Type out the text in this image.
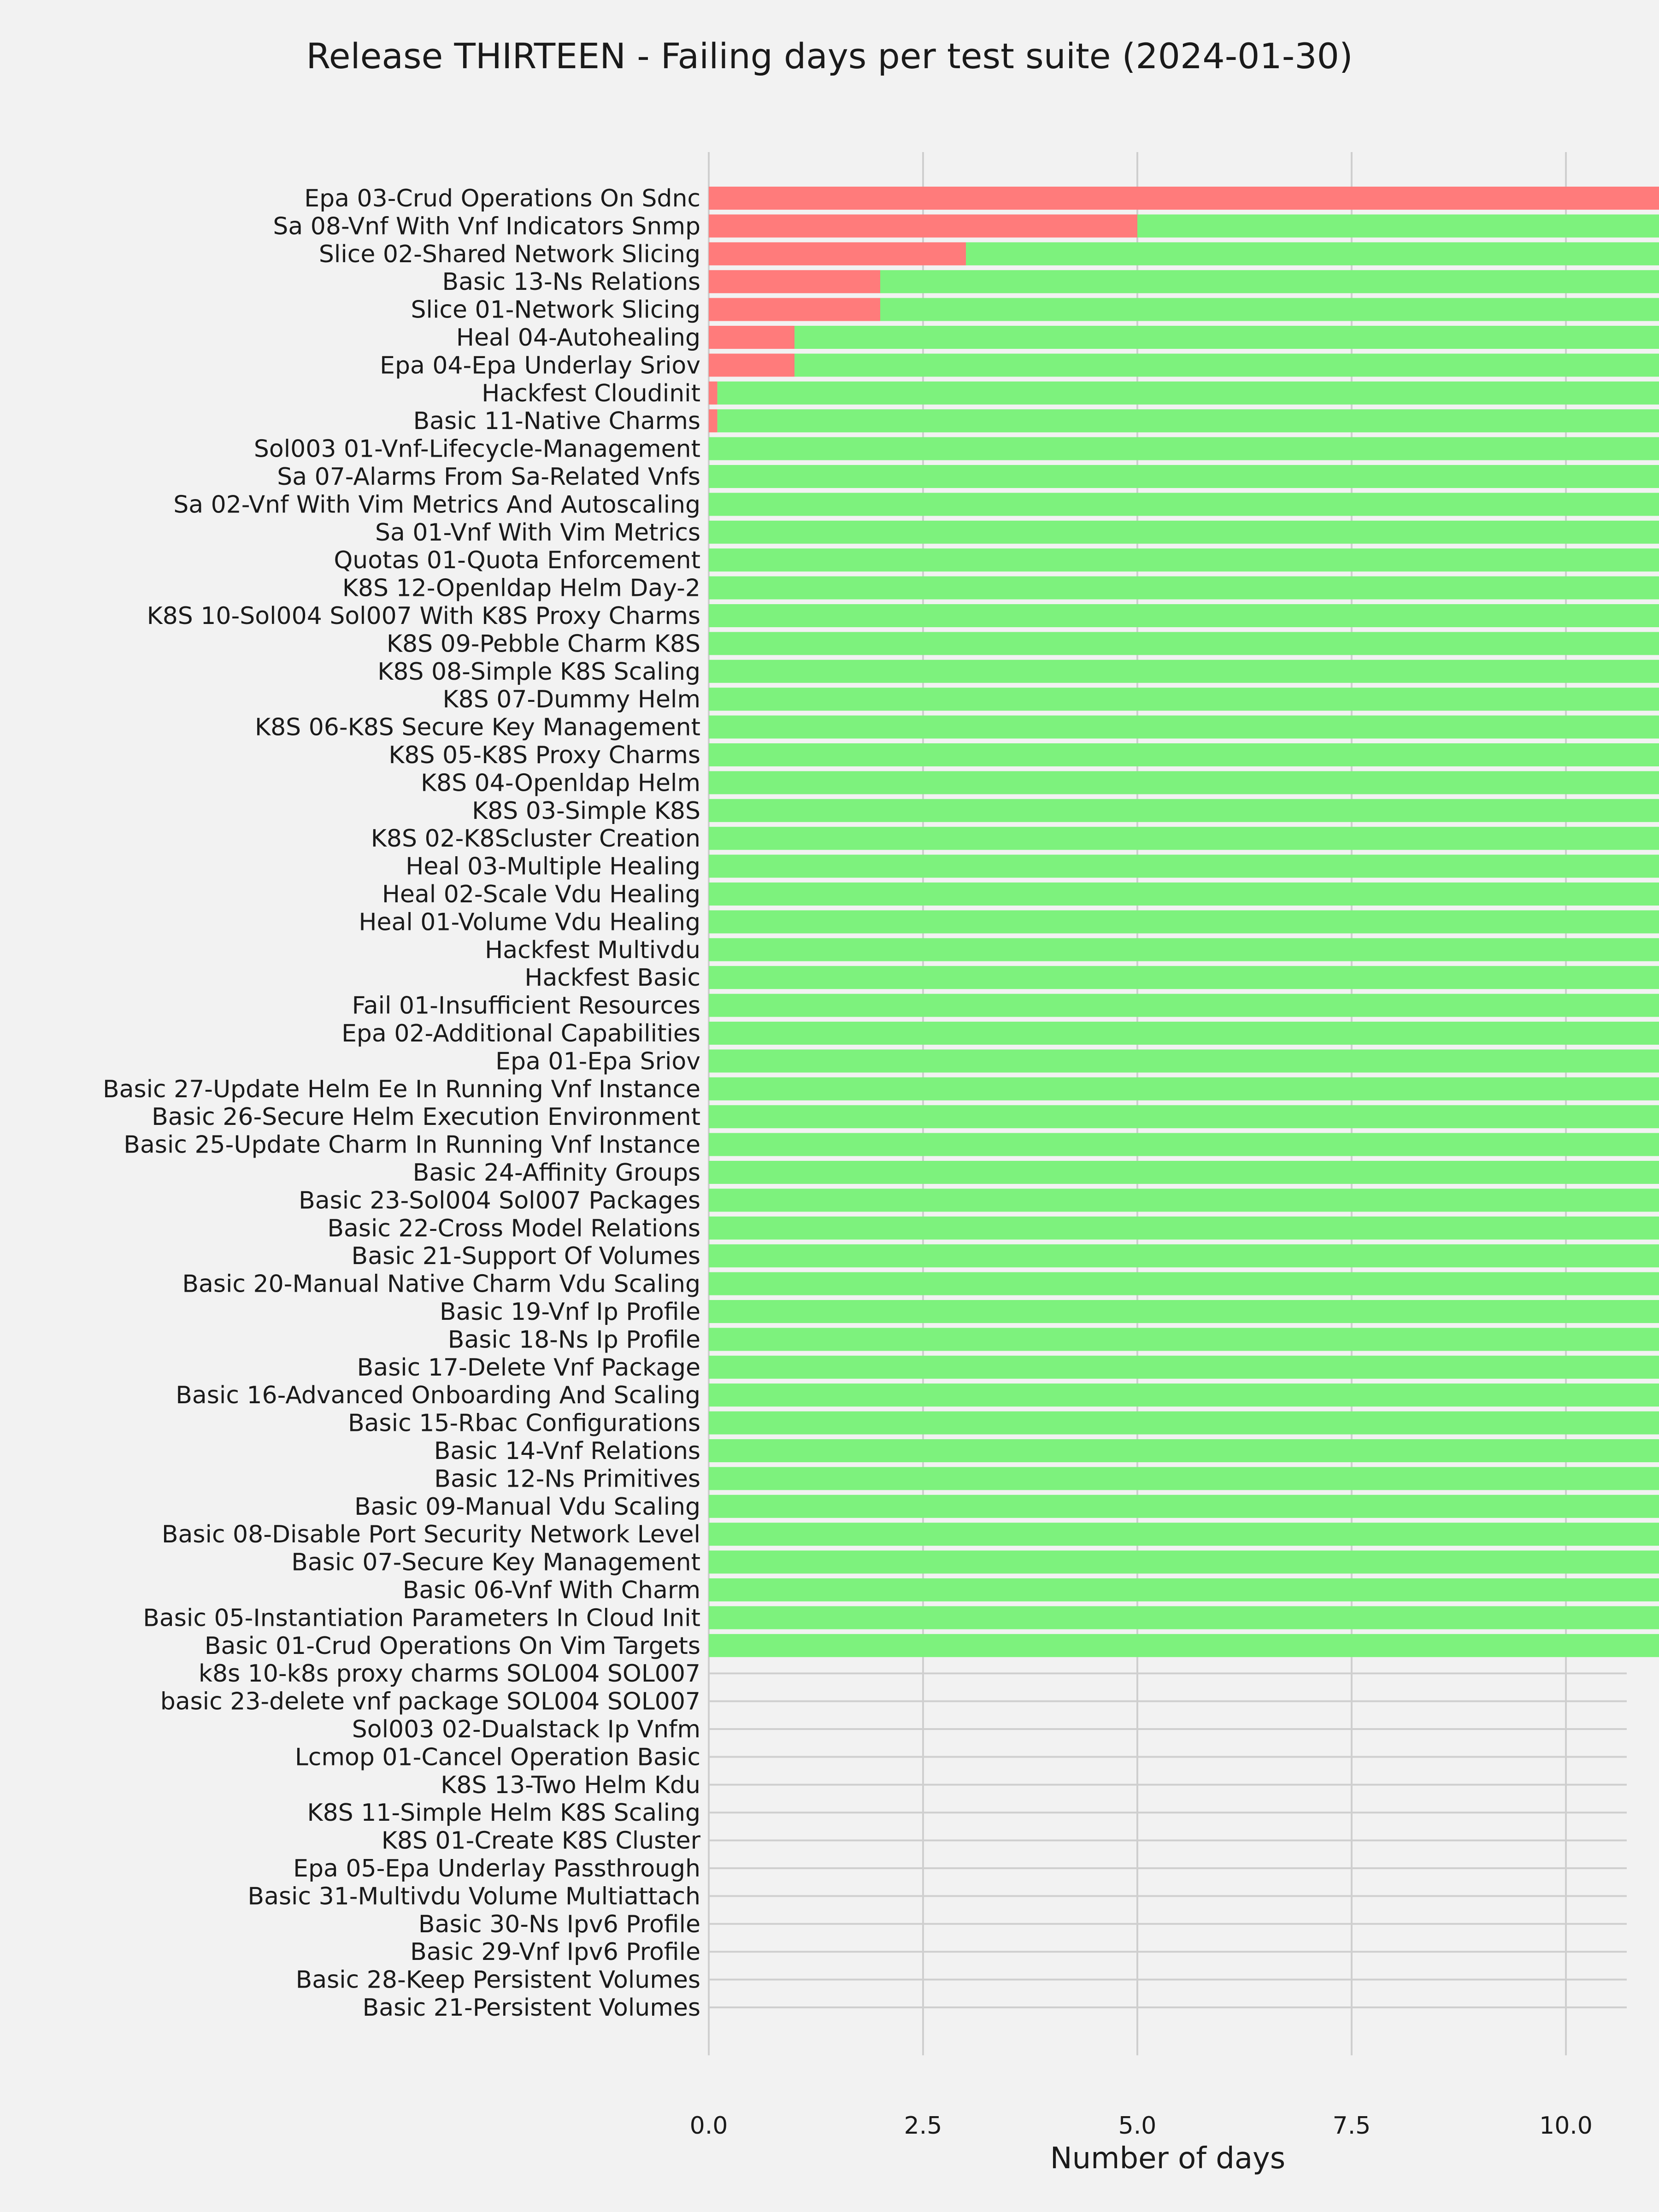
Release THIRTEEN - Failing days per test suite (2024-01-30)
Epa 03-Crud Operations On Sdnc
Sa 08-Vnf With Vnf Indicators Snmp
Slice 02-Shared Network Slicing
Basic 13-Ns Relations
Slice 01-Network Slicing
Heal 04-Autohealing
Epa 04-Epa Underlay Sriov
Hackfest Cloudinit
Basic 11-Native Charms
Sol003 01-Vnf-Lifecycle-Management
Sa 07-Alarms From Sa-Related Vnfs
Sa 02-Vnf With Vim Metrics And Autoscaling
Sa 01-Vnf With Vim Metrics
Quotas 01-Quota Enforcement
K8S 12-Openldap Helm Day-2
K8S 10-Sol004 Sol007 With K8S Proxy Charms
K8S 09-Pebble Charm K8S
K8S 08-Simple K8S Scaling
K8S 07-Dummy Helm
K8S 06-K8S Secure Key Management
K8S 05-K8S Proxy Charms
K8S 04-Openldap Helm
K8S 03-Simple K8S
K8S 02-K8Scluster Creation
Heal 03-Multiple Healing
Heal 02-Scale Vdu Healing
Heal 01-Volume Vdu Healing
Hackfest Multivdu
Hackfest Basic
Fail 01-Insufficient Resources
Epa 02-Additional Capabilities
Epa 01-Epa Sriov
Basic 27-Update Helm Ee In Running Vnf Instance
Basic 26-Secure Helm Execution Environment
Basic 25-Update Charm In Running Vnf Instance
Basic 24-Affinity Groups
Basic 23-Sol004 Sol007 Packages
Basic 22-Cross Model Relations
Basic 21-Support Of Volumes
Basic 20-Manual Native Charm Vdu Scaling
Basic 19-Vnf Ip Profile
Basic 18-Ns Ip Profile
Basic 17-Delete Vnf Package
Basic 16-Advanced Onboarding And Scaling
Basic 15-Rbac Configurations
Basic 14-Vnf Relations
Basic 12-Ns Primitives
Basic 09-Manual Vdu Scaling
Basic 08-Disable Port Security Network Level
Basic 07-Secure Key Management
Basic 06-Vnf With Charm
Basic 05-Instantiation Parameters In Cloud Init
Basic 01-Crud Operations On Vim Targets
k8s 10-k8s proxy charms SOL004 SOL007
basic 23-delete vnf package SOL004 SOL007
Sol003 02-Dualstack Ip Vnfm
Lcmop 01-Cancel Operation Basic
K8S 13-Two Helm Kdu
K8S 11-Simple Helm K8S Scaling
K8S 01-Create K8S Cluster
Epa 05-Epa Underlay Passthrough
Basic 31-Multivdu Volume Multiattach
Basic 30-Ns Ipv6 Profile
Basic 29-Vnf Ipv6 Profile
Basic 28-Keep Persistent Volumes
Basic 21-Persistent Volumes
0.0	2.5	5.0	7.5	10.0
Number of days
